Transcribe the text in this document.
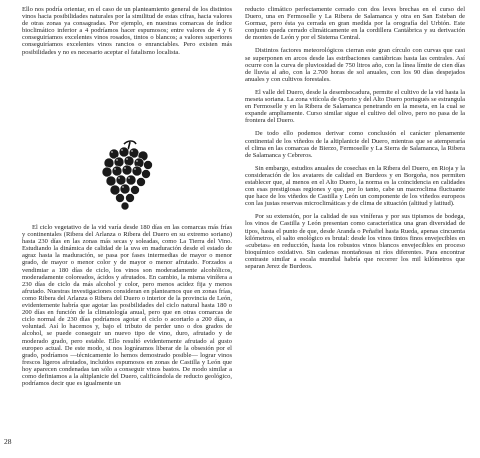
Ello nos podría orientar, en el caso de un planteamiento general de los distintos vinos hacia posibilidades naturales por la similitud de estas cifras, hacia valores de otras zonas ya consagradas. Por ejemplo, en nuestras comarcas de índice bioclimático inferior a 4 podríamos hacer espumosos; entre valores de 4 y 6 conseguiríamos excelentes vinos rosados, tintos o blancos; a valores superiores conseguiríamos excelentes vinos rancios o enranciables. Pero existen más posibilidades y no es necesario aceptar el fatalismo localista.

El ciclo vegetativo de la vid varía desde 180 días en las comarcas más frías y continentales (Ribera del Arlanza o Ribera del Duero en su extremo soriano) hasta 230 días en las zonas más secas y soleadas, como La Tierra del Vino. Estudiando la dinámica de calidad de la uva en maduración desde el estado de agraz hasta la maduración, se pasa por fases intermedias de mayor o menor grado, de mayor o menor color y de mayor o menor afrutado. Forzados a vendimiar a 180 días de ciclo, los vinos son moderadamente alcohólicos, moderadamente coloreados, ácidos y afrutados. En cambio, la misma vinífera a 230 días de ciclo da más alcohol y color, pero menos acidez fija y menos afrutado. Nuestras investigaciones consideran en plantearnos que en zonas frías, como Ribera del Arlanza o Ribera del Duero o interior de la provincia de León, evidentemente habría que agotar las posibilidades del ciclo natural hasta 180 o 200 días en función de la climatología anual, pero que en otras comarcas de ciclo normal de 230 días podríamos agotar el ciclo o acortarlo a 200 días, a voluntad. Así lo hacemos y, bajo el tributo de perder uno o dos grados de alcohol, se puede conseguir un nuevo tipo de vino, duro, afrutado y de moderado grado, pero estable. Ello resultó evidentemente afrutado al gusto europeo actual. De este modo, si nos lográramos liberar de la obsesión por el grado, podríamos —técnicamente lo hemos demostrado posible— lograr vinos frescos ligeros afrutados, incluidos espumosos en zonas de Castilla y León que hoy aparecen condenadas tan sólo a conseguir vinos bastos. De modo similar a como definiamos a la altiplanicie del Duero, calificándola de reducto geológico, podríamos decir que es igualmente un

reducto climático perfectamente cerrado con dos leves brechas en el curso del Duero, una en Fermoselle y La Ribera de Salamanca y otra en San Esteban de Gormaz, pero ésta ya cerrada en gran medida por la orografía del Urbión. Este conjunto queda cerrado climáticamente en la cordillera Cantábrica y su derivación de montes de León y por el Sistema Central.

Distintos factores meteorológicos cierran este gran círculo con curvas que casi se superponen en arcos desde las estribaciones cantábricas hasta las centrales. Así ocurre con la curva de pluviosidad de 750 litros año, con la línea límite de cien días de lluvia al año, con la 2.700 horas de sol anuales, con los 90 días despejados anuales y con cultivos forestales.

El valle del Duero, desde la desembocadura, permite el cultivo de la vid hasta la meseta soriana. La zona vitícola de Oporto y del Alto Duero portugués se estrangula en Fermoselle y en la Ribera de Salamanca penetrando en la meseta, en la cual se expande ampliamente. Curso similar sigue el cultivo del olivo, pero no pasa de la frontera del Duero.

De todo ello podemos derivar como conclusión el carácter plenamente continental de los viñedos de la altiplanicie del Duero, mientras que se atemperaría el clima en las comarcas de Bierzo, Fermoselle y La Sierra de Salamanca, la Ribera de Salamanca y Cebreros.

Sin embargo, estudios anuales de cosechas en la Ribera del Duero, en Rioja y la consideración de los avatares de calidad en Burdeos y en Borgoña, nos permiten establecer que, al menos en el Alto Duero, la norma es la coincidencia en calidades con esas prestigiosas regiones y que, por lo tanto, cabe un macroclima fluctuante que hace de los viñedos de Castilla y León un componente de los viñedos europeos con las justas reservas microclimáticas y de clima de situación (altitud y latitud).

Por su extensión, por la calidad de sus viníferas y por sus tipismos de bodega, los vinos de Castilla y León presentan como característica una gran diversidad de tipos, hasta el punto de que, desde Aranda o Peñafiel hasta Rueda, apenas cincuenta kilómetros, el salto enológico es brutal: desde los vinos tintos finos envejecibles en «cubetas» en reducción, hasta los robustos vinos blancos envejecibles en proceso bioquímico oxidativo. Sin cadenas montañosas ni ríos diferentes. Para encontrar contraste similar a escala mundial habría que recorrer los mil kilómetros que separan Jerez de Burdeos.

28
